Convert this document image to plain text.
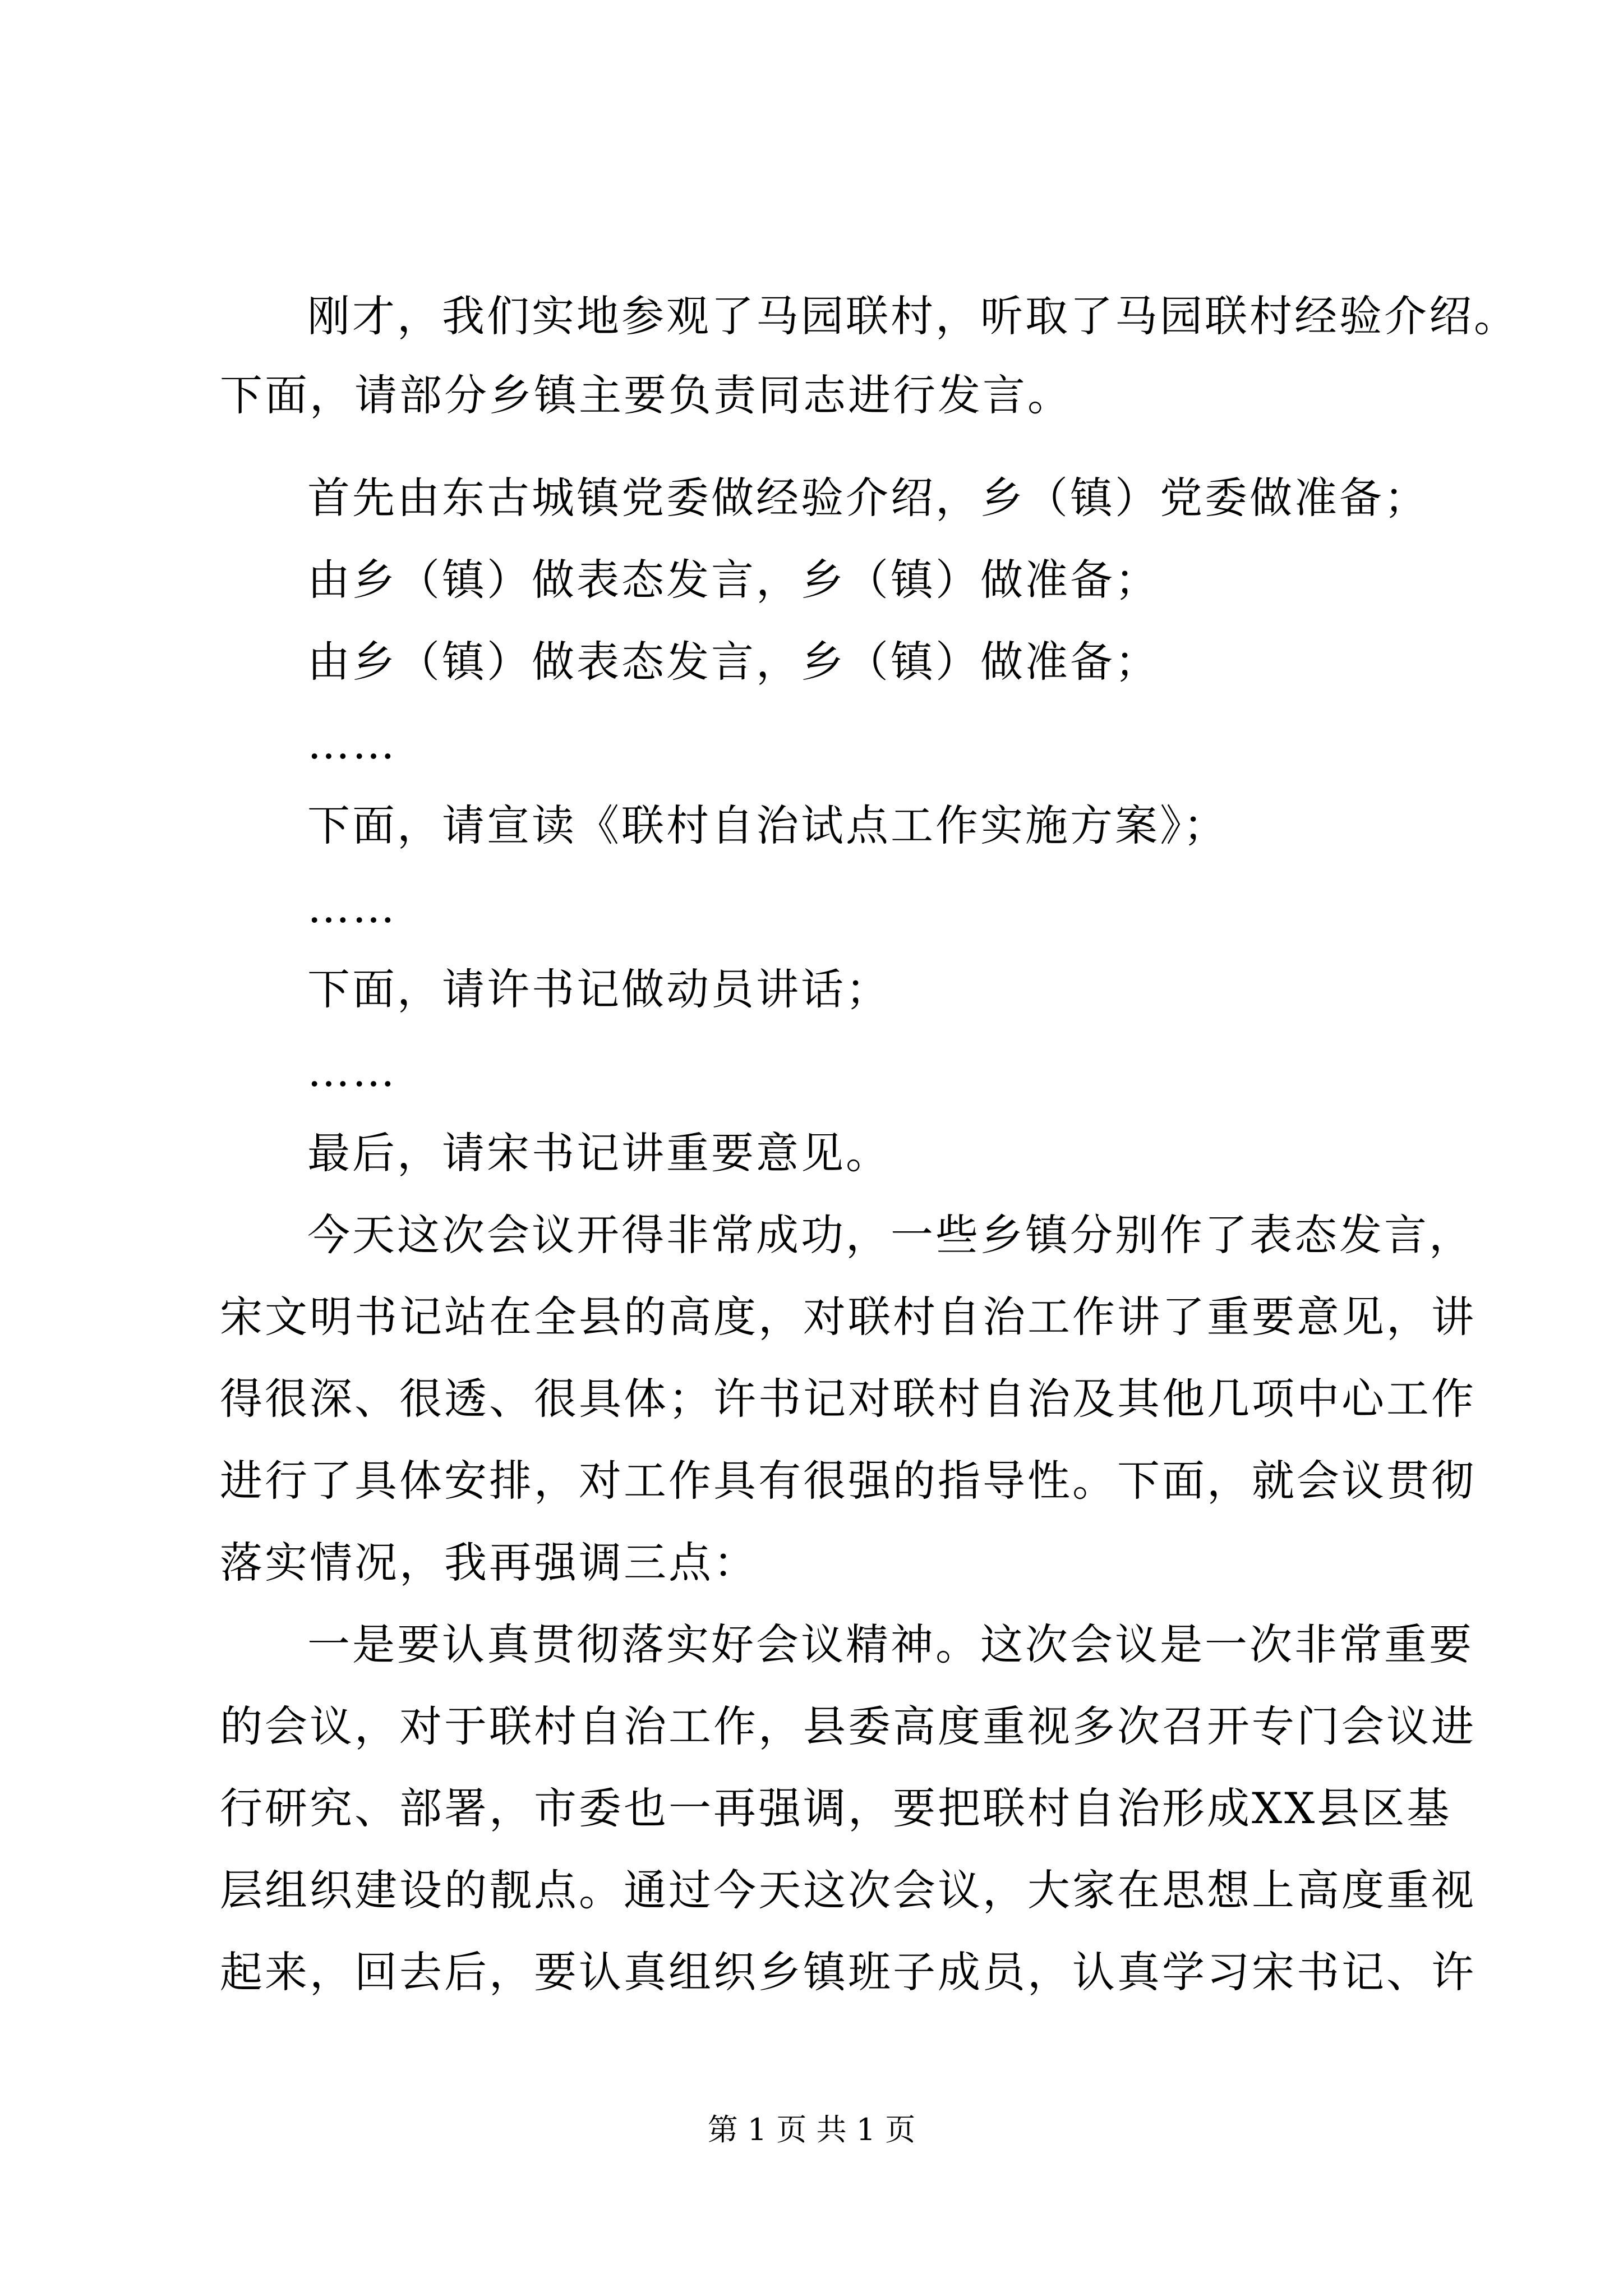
刚才，我们实地参观了马园联村，听取了马园联村经验介绍。
下面，请部分乡镇主要负责同志进行发言。
首先由东古城镇党委做经验介绍，乡（镇）党委做准备；
由乡（镇）做表态发言，乡（镇）做准备；
由乡（镇）做表态发言，乡（镇）做准备；
……
下面，请宣读《联村自治试点工作实施方案》；
……
下面，请许书记做动员讲话；
……
最后，请宋书记讲重要意见。
今天这次会议开得非常成功，一些乡镇分别作了表态发言，
宋文明书记站在全县的高度，对联村自治工作讲了重要意见，讲
得很深、很透、很具体；许书记对联村自治及其他几项中心工作
进行了具体安排，对工作具有很强的指导性。下面，就会议贯彻
落实情况，我再强调三点：
一是要认真贯彻落实好会议精神。这次会议是一次非常重要
的会议，对于联村自治工作，县委高度重视多次召开专门会议进
行研究、部署，市委也一再强调，要把联村自治形成XX县区基
层组织建设的靓点。通过今天这次会议，大家在思想上高度重视
起来，回去后，要认真组织乡镇班子成员，认真学习宋书记、许
第 1 页 共 1 页
